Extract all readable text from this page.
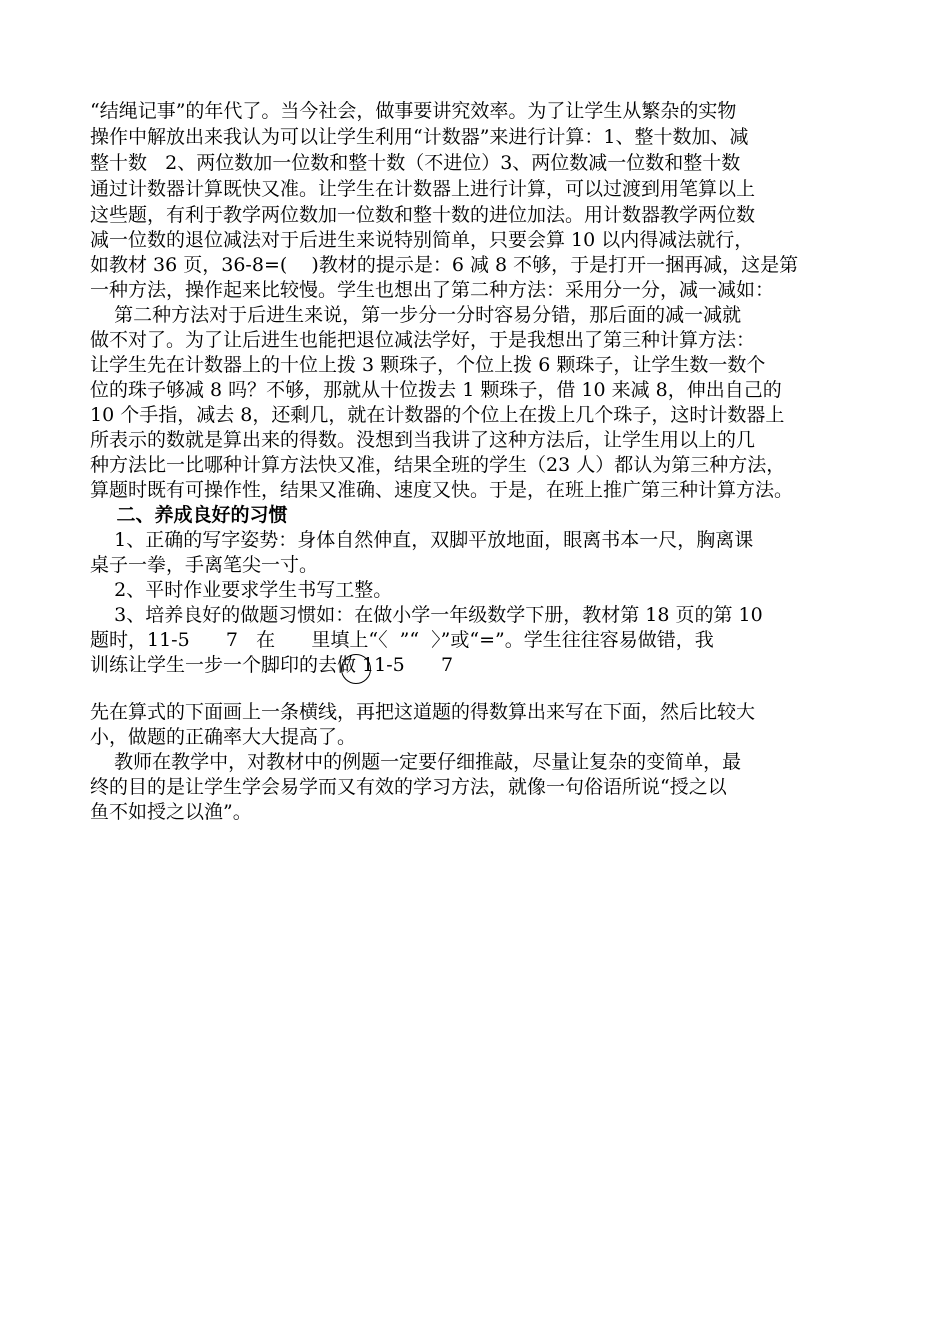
“结绳记事”的年代了。当今社会，做事要讲究效率。为了让学生从繁杂的实物
操作中解放出来我认为可以让学生利用“计数器”来进行计算：1、整十数加、减
整十数   2、两位数加一位数和整十数（不进位）3、两位数减一位数和整十数
通过计数器计算既快又准。让学生在计数器上进行计算，可以过渡到用笔算以上
这些题，有利于教学两位数加一位数和整十数的进位加法。用计数器教学两位数
减一位数的退位减法对于后进生来说特别简单，只要会算 10 以内得减法就行，
如教材 36 页，36-8=(    )教材的提示是：6 减 8 不够，于是打开一捆再减，这是第
一种方法，操作起来比较慢。学生也想出了第二种方法：采用分一分，减一减如：
第二种方法对于后进生来说，第一步分一分时容易分错，那后面的减一减就
做不对了。为了让后进生也能把退位减法学好，于是我想出了第三种计算方法：
让学生先在计数器上的十位上拨 3 颗珠子，个位上拨 6 颗珠子，让学生数一数个
位的珠子够减 8 吗？不够，那就从十位拨去 1 颗珠子，借 10 来减 8，伸出自己的
10 个手指，减去 8，还剩几，就在计数器的个位上在拨上几个珠子，这时计数器上
所表示的数就是算出来的得数。没想到当我讲了这种方法后，让学生用以上的几
种方法比一比哪种计算方法快又准，结果全班的学生（23 人）都认为第三种方法，
算题时既有可操作性，结果又准确、速度又快。于是，在班上推广第三种计算方法。
二、养成良好的习惯
1、正确的写字姿势：身体自然伸直，双脚平放地面，眼离书本一尺，胸离课
桌子一拳，手离笔尖一寸。
2、平时作业要求学生书写工整。
3、培养良好的做题习惯如：在做小学一年级数学下册，教材第 18 页的第 10
题时，11-5      7   在      里填上“〈  ”“  〉”或“=”。学生往往容易做错，我
训练让学生一步一个脚印的去做 11-5      7
先在算式的下面画上一条横线，再把这道题的得数算出来写在下面，然后比较大
小，做题的正确率大大提高了。
教师在教学中，对教材中的例题一定要仔细推敲，尽量让复杂的变简单，最
终的目的是让学生学会易学而又有效的学习方法，就像一句俗语所说“授之以
鱼不如授之以渔”。
